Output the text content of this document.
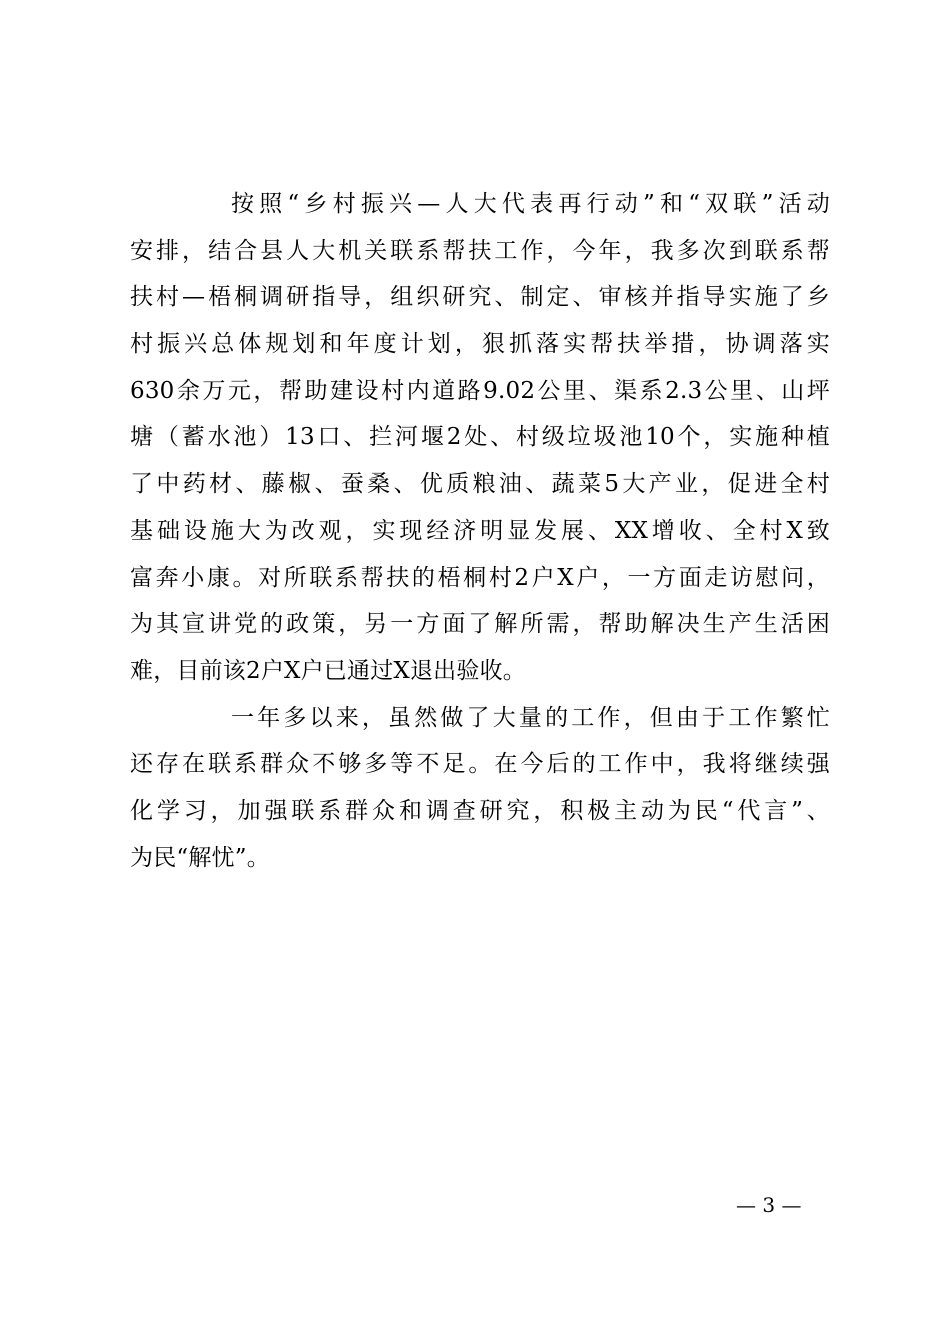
按照“乡村振兴—人大代表再行动”和“双联”活动
安排，结合县人大机关联系帮扶工作，今年，我多次到联系帮
扶村—梧桐调研指导，组织研究、制定、审核并指导实施了乡
村振兴总体规划和年度计划，狠抓落实帮扶举措，协调落实
630余万元，帮助建设村内道路9.02公里、渠系2.3公里、山坪
塘（蓄水池）13口、拦河堰2处、村级垃圾池10个，实施种植
了中药材、藤椒、蚕桑、优质粮油、蔬菜5大产业，促进全村
基础设施大为改观，实现经济明显发展、XX增收、全村X致
富奔小康。对所联系帮扶的梧桐村2户X户，一方面走访慰问，
为其宣讲党的政策，另一方面了解所需，帮助解决生产生活困
难，目前该2户X户已通过X退出验收。
一年多以来，虽然做了大量的工作，但由于工作繁忙
还存在联系群众不够多等不足。在今后的工作中，我将继续强
化学习，加强联系群众和调查研究，积极主动为民“代言”、
为民“解忧”。
— 3 —
